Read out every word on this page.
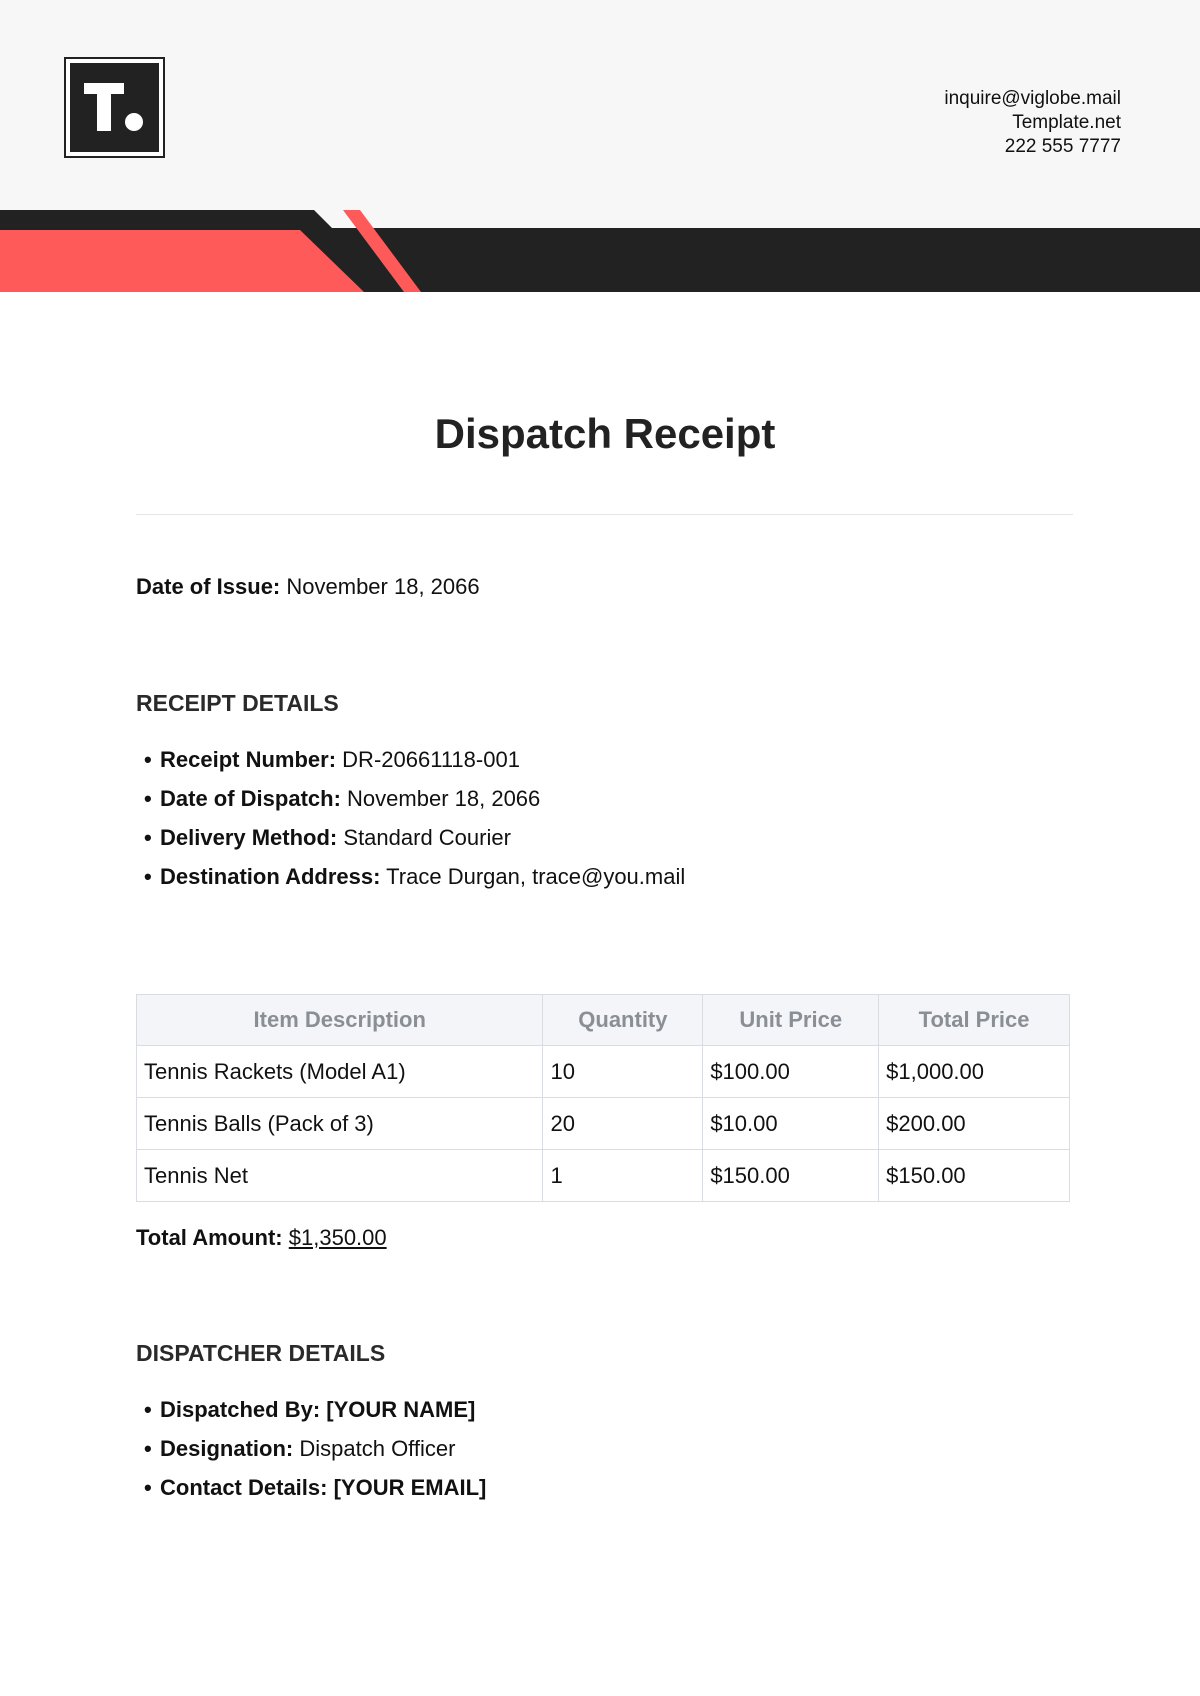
inquire@viglobe.mail
Template.net
222 555 7777
Dispatch Receipt
Date of Issue: November 18, 2066
RECEIPT DETAILS
• Receipt Number: DR-20661118-001
• Date of Dispatch: November 18, 2066
• Delivery Method: Standard Courier
• Destination Address: Trace Durgan, trace@you.mail
Item Description	Quantity	Unit Price	Total Price
Tennis Rackets (Model A1)	10	$100.00	$1,000.00
Tennis Balls (Pack of 3)	20	$10.00	$200.00
Tennis Net	1	$150.00	$150.00
Total Amount: $1,350.00
DISPATCHER DETAILS
• Dispatched By: [YOUR NAME]
• Designation: Dispatch Officer
• Contact Details: [YOUR EMAIL]
